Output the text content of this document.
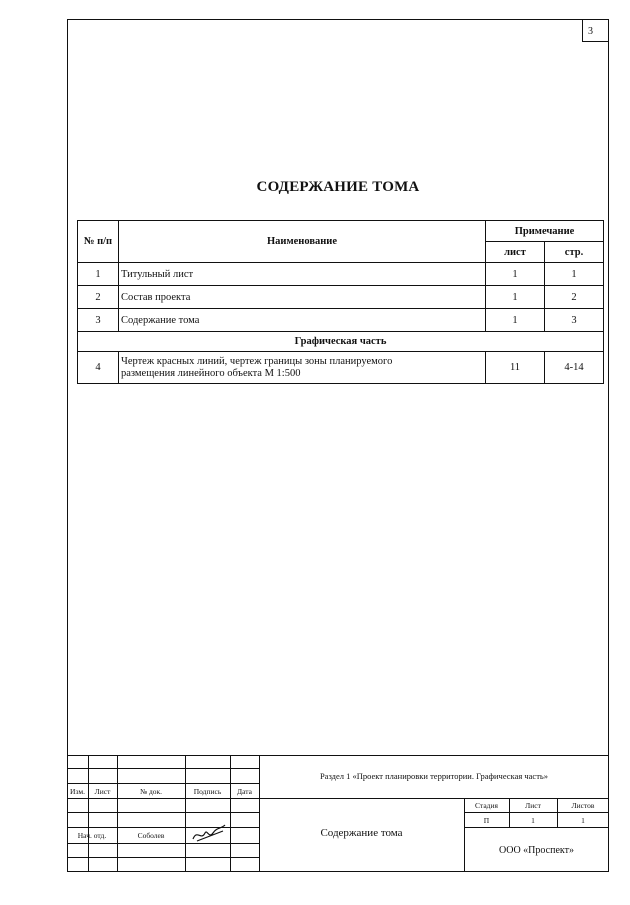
3
СОДЕРЖАНИЕ ТОМА
№ п/п	Наименование	Примечание	
		лист	стр.
1	Титульный лист	1	1
2	Состав проекта	1	2
3	Содержание тома	1	3
Графическая часть			
4	Чертеж красных линий, чертеж границы зоны планируемого
размещения линейного объекта М 1:500	11	4-14
Изм.	Лист	№ док.	Подпись	Дата
Раздел 1 «Проект планировки территории. Графическая часть»
Нач. отд.	Соболев	Содержание тома
Стадия	Лист	Листов
П	1	1
ООО «Проспект»
